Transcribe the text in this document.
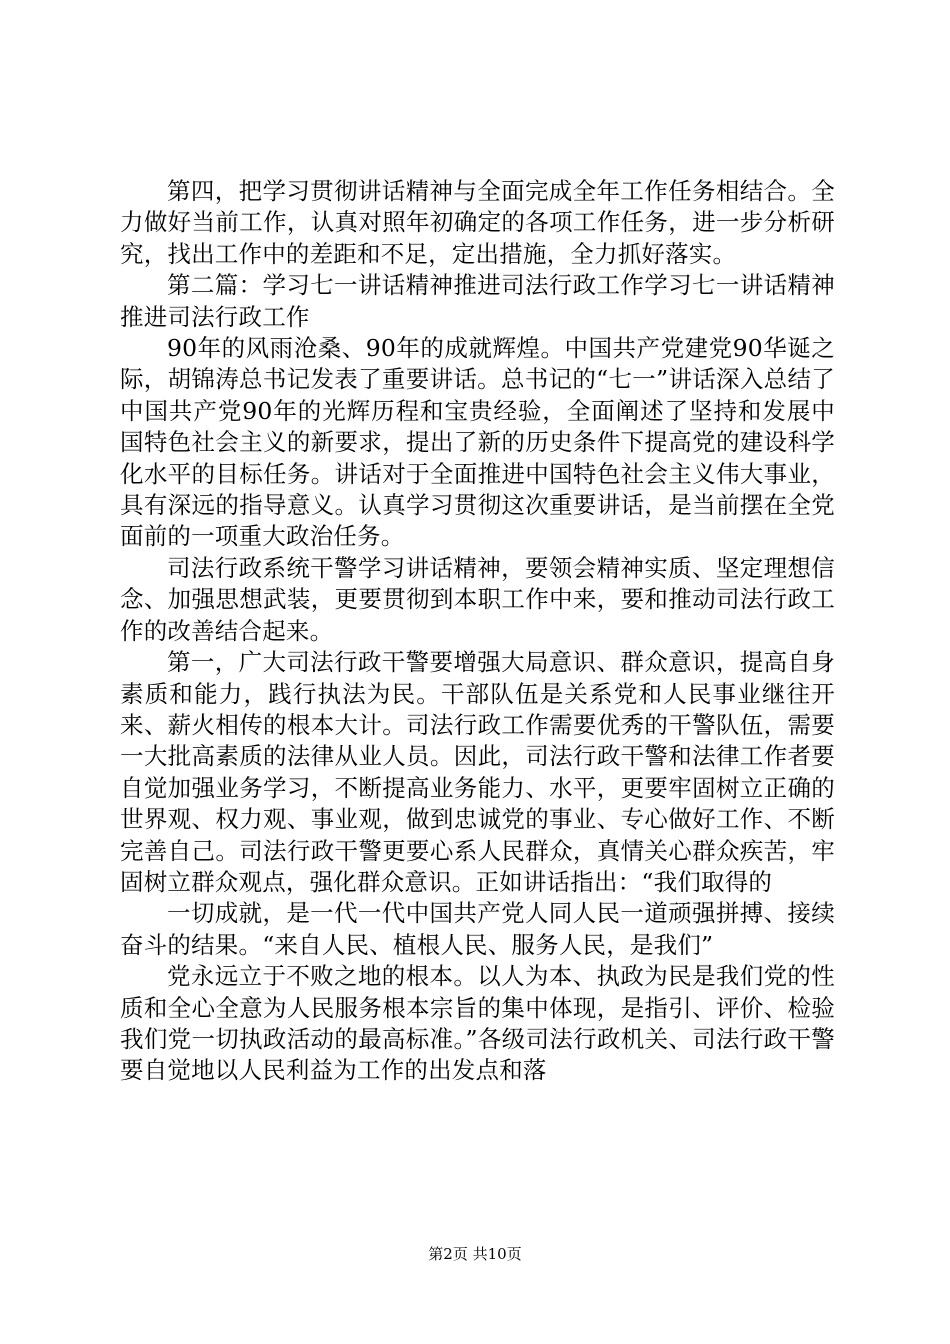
第四，把学习贯彻讲话精神与全面完成全年工作任务相结合。全力做好当前工作，认真对照年初确定的各项工作任务，进一步分析研究，找出工作中的差距和不足，定出措施，全力抓好落实。

第二篇：学习七一讲话精神推进司法行政工作学习七一讲话精神推进司法行政工作

90年的风雨沧桑、90年的成就辉煌。中国共产党建党90华诞之际，胡锦涛总书记发表了重要讲话。总书记的“七一”讲话深入总结了中国共产党90年的光辉历程和宝贵经验，全面阐述了坚持和发展中国特色社会主义的新要求，提出了新的历史条件下提高党的建设科学化水平的目标任务。讲话对于全面推进中国特色社会主义伟大事业，具有深远的指导意义。认真学习贯彻这次重要讲话，是当前摆在全党面前的一项重大政治任务。

司法行政系统干警学习讲话精神，要领会精神实质、坚定理想信念、加强思想武装，更要贯彻到本职工作中来，要和推动司法行政工作的改善结合起来。

第一，广大司法行政干警要增强大局意识、群众意识，提高自身素质和能力，践行执法为民。干部队伍是关系党和人民事业继往开来、薪火相传的根本大计。司法行政工作需要优秀的干警队伍，需要一大批高素质的法律从业人员。因此，司法行政干警和法律工作者要自觉加强业务学习，不断提高业务能力、水平，更要牢固树立正确的世界观、权力观、事业观，做到忠诚党的事业、专心做好工作、不断完善自己。司法行政干警更要心系人民群众，真情关心群众疾苦，牢固树立群众观点，强化群众意识。正如讲话指出：“我们取得的

一切成就，是一代一代中国共产党人同人民一道顽强拼搏、接续奋斗的结果。“来自人民、植根人民、服务人民，是我们”

党永远立于不败之地的根本。以人为本、执政为民是我们党的性质和全心全意为人民服务根本宗旨的集中体现，是指引、评价、检验我们党一切执政活动的最高标准。”各级司法行政机关、司法行政干警要自觉地以人民利益为工作的出发点和落

第2页 共10页
